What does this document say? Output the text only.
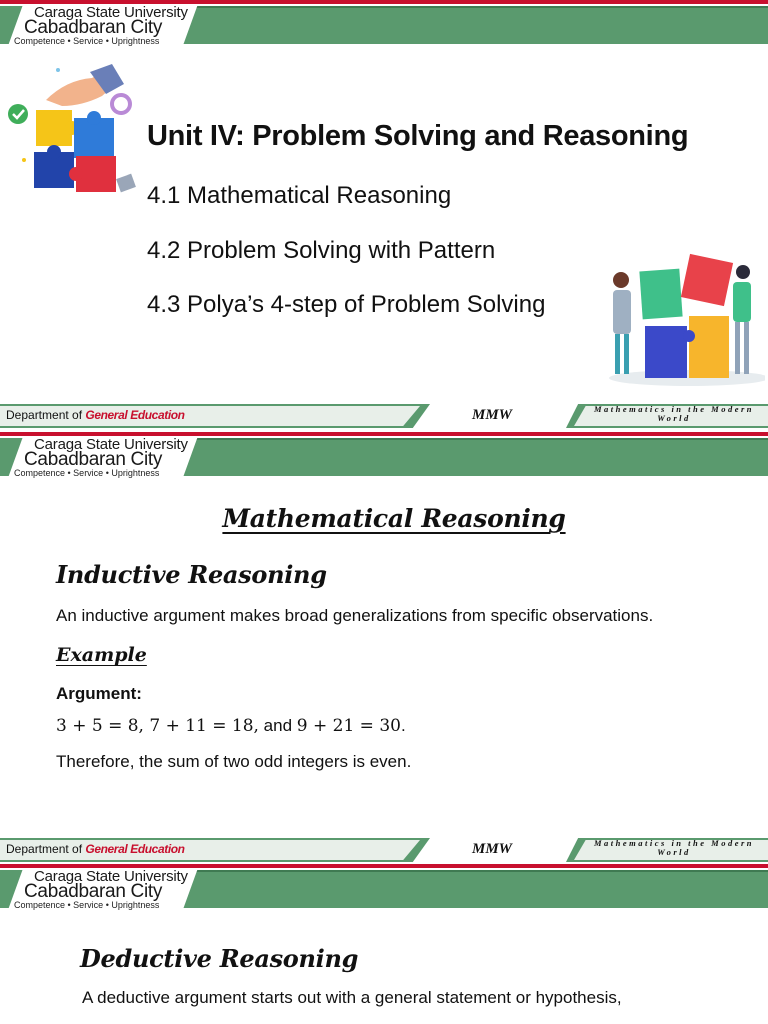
Caraga State University
Cabadbaran City
Competence • Service • Uprightness
Unit IV: Problem Solving and Reasoning
4.1 Mathematical Reasoning
4.2 Problem Solving with Pattern
4.3 Polya’s 4-step of Problem Solving
Department of General Education	MMW	Mathematics in the Modern World
Caraga State University
Cabadbaran City
Competence • Service • Uprightness
Mathematical Reasoning
Inductive Reasoning
An inductive argument makes broad generalizations from specific observations.
Example
Argument:
3 + 5 = 8, 7 + 11 = 18, and 9 + 21 = 30.
Therefore, the sum of two odd integers is even.
Department of General Education	MMW	Mathematics in the Modern World
Caraga State University
Cabadbaran City
Competence • Service • Uprightness
Deductive Reasoning
A deductive argument starts out with a general statement or hypothesis,
